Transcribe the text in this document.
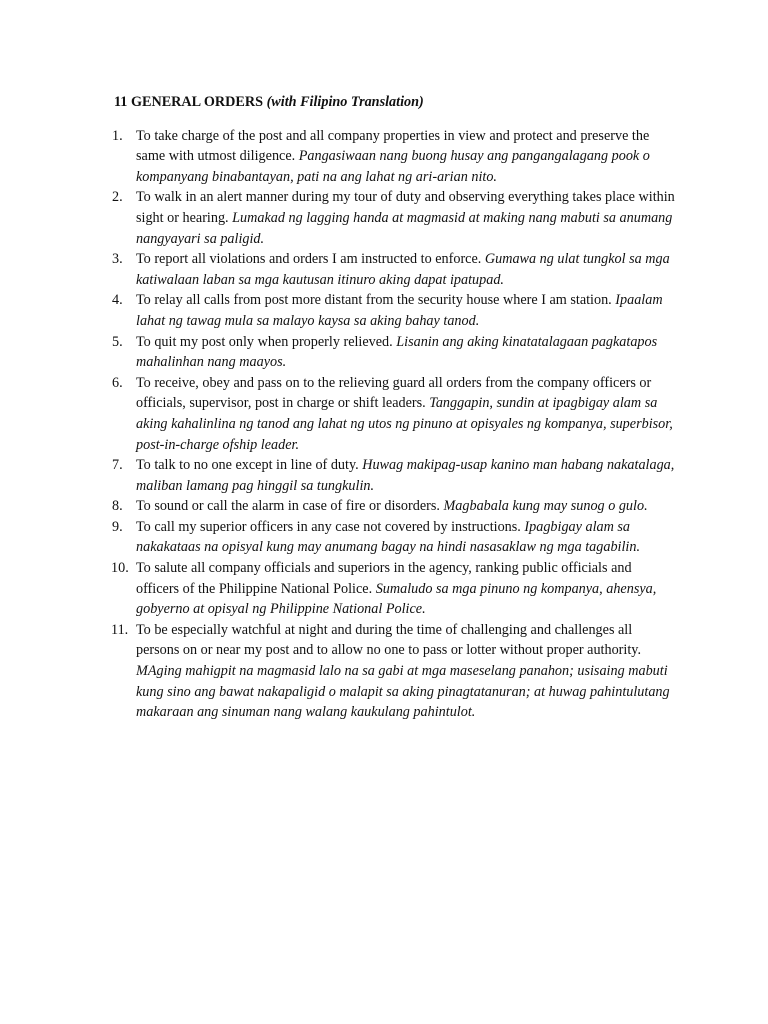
11 GENERAL ORDERS (with Filipino Translation)
1. To take charge of the post and all company properties in view and protect and preserve the same with utmost diligence. Pangasiwaan nang buong husay ang pangangalagang pook o kompanyang binabantayan, pati na ang lahat ng ari-arian nito.
2. To walk in an alert manner during my tour of duty and observing everything takes place within sight or hearing. Lumakad ng lagging handa at magmasid at making nang mabuti sa anumang nangyayari sa paligid.
3. To report all violations and orders I am instructed to enforce. Gumawa ng ulat tungkol sa mga katiwalaan laban sa mga kautusan itinuro aking dapat ipatupad.
4. To relay all calls from post more distant from the security house where I am station. Ipaalam lahat ng tawag mula sa malayo kaysa sa aking bahay tanod.
5. To quit my post only when properly relieved. Lisanin ang aking kinatatalagaan pagkatapos mahalinhan nang maayos.
6. To receive, obey and pass on to the relieving guard all orders from the company officers or officials, supervisor, post in charge or shift leaders. Tanggapin, sundin at ipagbigay alam sa aking kahalinlina ng tanod ang lahat ng utos ng pinuno at opisyales ng kompanya, superbisor, post-in-charge ofship leader.
7. To talk to no one except in line of duty. Huwag makipag-usap kanino man habang nakatalaga, maliban lamang pag hinggil sa tungkulin.
8. To sound or call the alarm in case of fire or disorders. Magbabala kung may sunog o gulo.
9. To call my superior officers in any case not covered by instructions. Ipagbigay alam sa nakakataas na opisyal kung may anumang bagay na hindi nasasaklaw ng mga tagabilin.
10. To salute all company officials and superiors in the agency, ranking public officials and officers of the Philippine National Police. Sumaludo sa mga pinuno ng kompanya, ahensya, gobyerno at opisyal ng Philippine National Police.
11. To be especially watchful at night and during the time of challenging and challenges all persons on or near my post and to allow no one to pass or lotter without proper authority. MAging mahigpit na magmasid lalo na sa gabi at mga maseselang panahon; usisaing mabuti kung sino ang bawat nakapaligid o malapit sa aking pinagtatanuran; at huwag pahintulutang makaraan ang sinuman nang walang kaukulang pahintulot.
